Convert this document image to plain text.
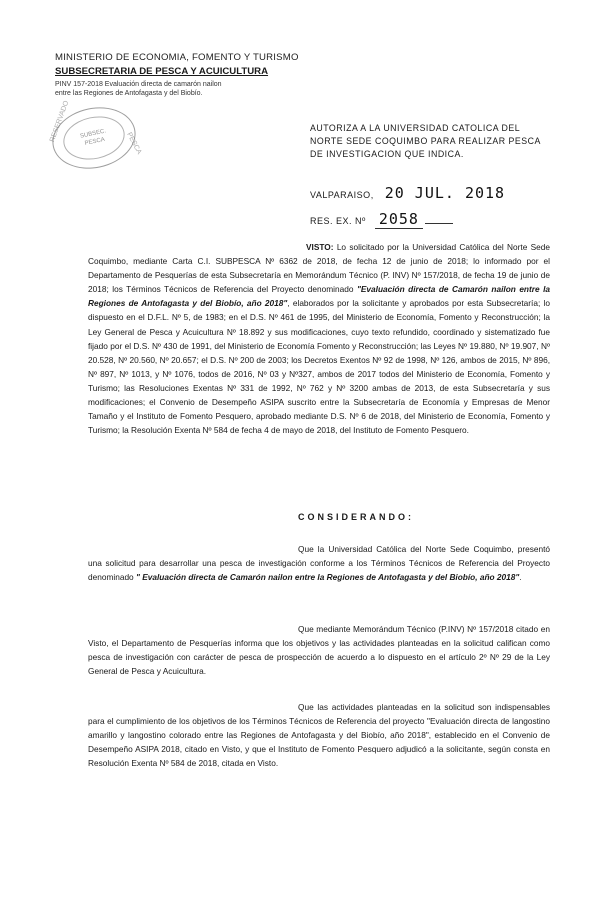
MINISTERIO DE ECONOMIA, FOMENTO Y TURISMO
SUBSECRETARIA DE PESCA Y ACUICULTURA
PINV 157-2018 Evaluación directa de camarón nailon
entre las Regiones de Antofagasta y del Biobío.
SUBSEC.
PESCA
RESERVADO
PESCA
AUTORIZA A LA UNIVERSIDAD CATOLICA DEL NORTE SEDE COQUIMBO PARA REALIZAR PESCA DE INVESTIGACION QUE INDICA.
VALPARAISO, 20 JUL. 2018
RES. EX. Nº 2058
VISTO: Lo solicitado por la Universidad Católica del Norte Sede Coquimbo, mediante Carta C.I. SUBPESCA Nº 6362 de 2018, de fecha 12 de junio de 2018; lo informado por el Departamento de Pesquerías de esta Subsecretaría en Memorándum Técnico (P. INV) Nº 157/2018, de fecha 19 de junio de 2018; los Términos Técnicos de Referencia del Proyecto denominado "Evaluación directa de Camarón nailon entre la Regiones de Antofagasta y del Biobío, año 2018", elaborados por la solicitante y aprobados por esta Subsecretaría; lo dispuesto en el D.F.L. Nº 5, de 1983; en el D.S. Nº 461 de 1995, del Ministerio de Economía, Fomento y Reconstrucción; la Ley General de Pesca y Acuicultura Nº 18.892 y sus modificaciones, cuyo texto refundido, coordinado y sistematizado fue fijado por el D.S. Nº 430 de 1991, del Ministerio de Economía Fomento y Reconstrucción; las Leyes Nº 19.880, Nº 19.907, Nº 20.528, Nº 20.560, Nº 20.657; el D.S. Nº 200 de 2003; los Decretos Exentos Nº 92 de 1998, Nº 126, ambos de 2015, Nº 896, Nº 897, Nº 1013, y Nº 1076, todos de 2016, Nº 03 y Nº327, ambos de 2017 todos del Ministerio de Economía, Fomento y Turismo; las Resoluciones Exentas Nº 331 de 1992, Nº 762 y Nº 3200 ambas de 2013, de esta Subsecretaría y sus modificaciones; el Convenio de Desempeño ASIPA suscrito entre la Subsecretaría de Economía y Empresas de Menor Tamaño y el Instituto de Fomento Pesquero, aprobado mediante D.S. Nº 6 de 2018, del Ministerio de Economía, Fomento y Turismo; la Resolución Exenta Nº 584 de fecha 4 de mayo de 2018, del Instituto de Fomento Pesquero.
CONSIDERANDO:
Que la Universidad Católica del Norte Sede Coquimbo, presentó una solicitud para desarrollar una pesca de investigación conforme a los Términos Técnicos de Referencia del Proyecto denominado " Evaluación directa de Camarón nailon entre la Regiones de Antofagasta y del Biobío, año 2018".
Que mediante Memorándum Técnico (P.INV) Nº 157/2018 citado en Visto, el Departamento de Pesquerías informa que los objetivos y las actividades planteadas en la solicitud califican como pesca de investigación con carácter de pesca de prospección de acuerdo a lo dispuesto en el artículo 2º Nº 29 de la Ley General de Pesca y Acuicultura.
Que las actividades planteadas en la solicitud son indispensables para el cumplimiento de los objetivos de los Términos Técnicos de Referencia del proyecto "Evaluación directa de langostino amarillo y langostino colorado entre las Regiones de Antofagasta y del Biobío, año 2018", establecido en el Convenio de Desempeño ASIPA 2018, citado en Visto, y que el Instituto de Fomento Pesquero adjudicó a la solicitante, según consta en Resolución Exenta Nº 584 de 2018, citada en Visto.
